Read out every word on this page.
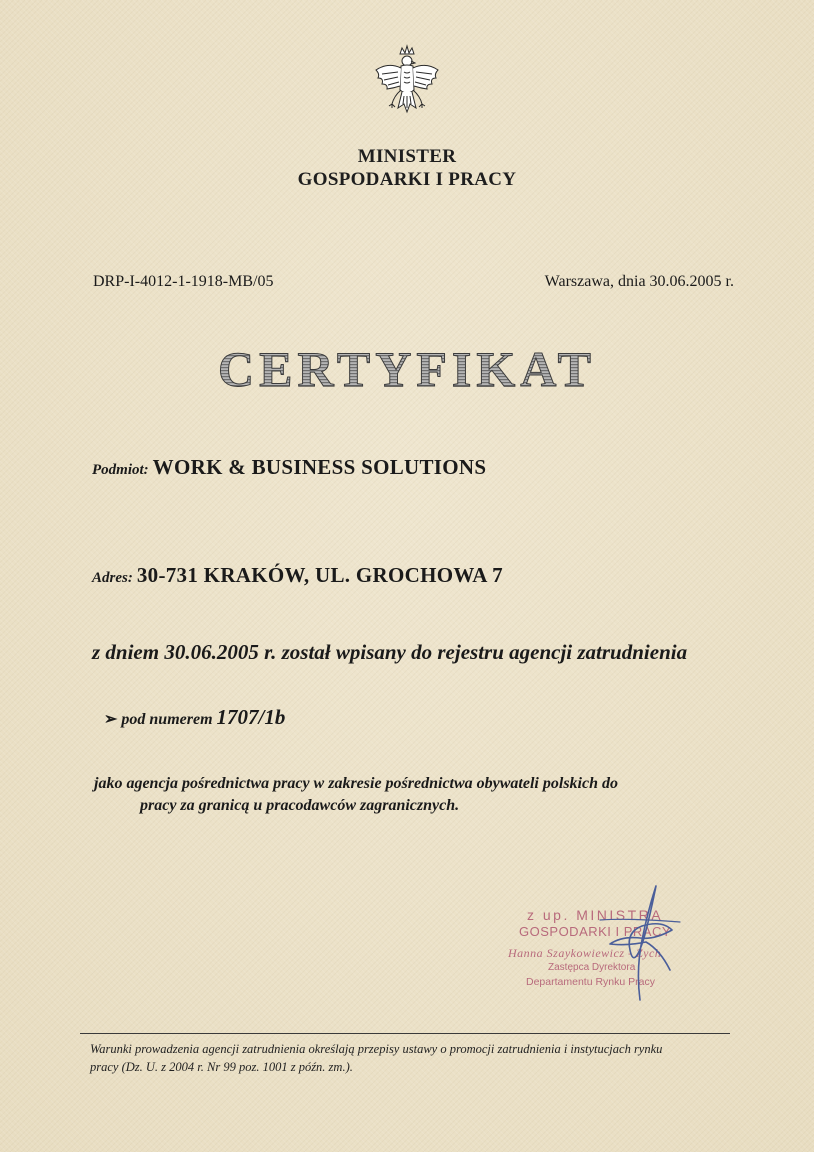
MINISTER
GOSPODARKI I PRACY
DRP-I-4012-1-1918-MB/05	Warszawa, dnia 30.06.2005 r.
CERTYFIKAT
Podmiot: WORK & BUSINESS SOLUTIONS
Adres: 30-731 KRAKÓW, UL. GROCHOWA 7
z dniem 30.06.2005 r. został wpisany do rejestru agencji zatrudnienia
➢ pod numerem 1707/1b
jako agencja pośrednictwa pracy w zakresie pośrednictwa obywateli polskich do
pracy za granicą u pracodawców zagranicznych.
z up. MINISTRA
GOSPODARKI I PRACY
Hanna Szaykowiewicz - Zych
Zastępca Dyrektora
Departamentu Rynku Pracy
Warunki prowadzenia agencji zatrudnienia określają przepisy ustawy o promocji zatrudnienia i instytucjach rynku
pracy (Dz. U. z 2004 r. Nr 99 poz. 1001 z późn. zm.).
